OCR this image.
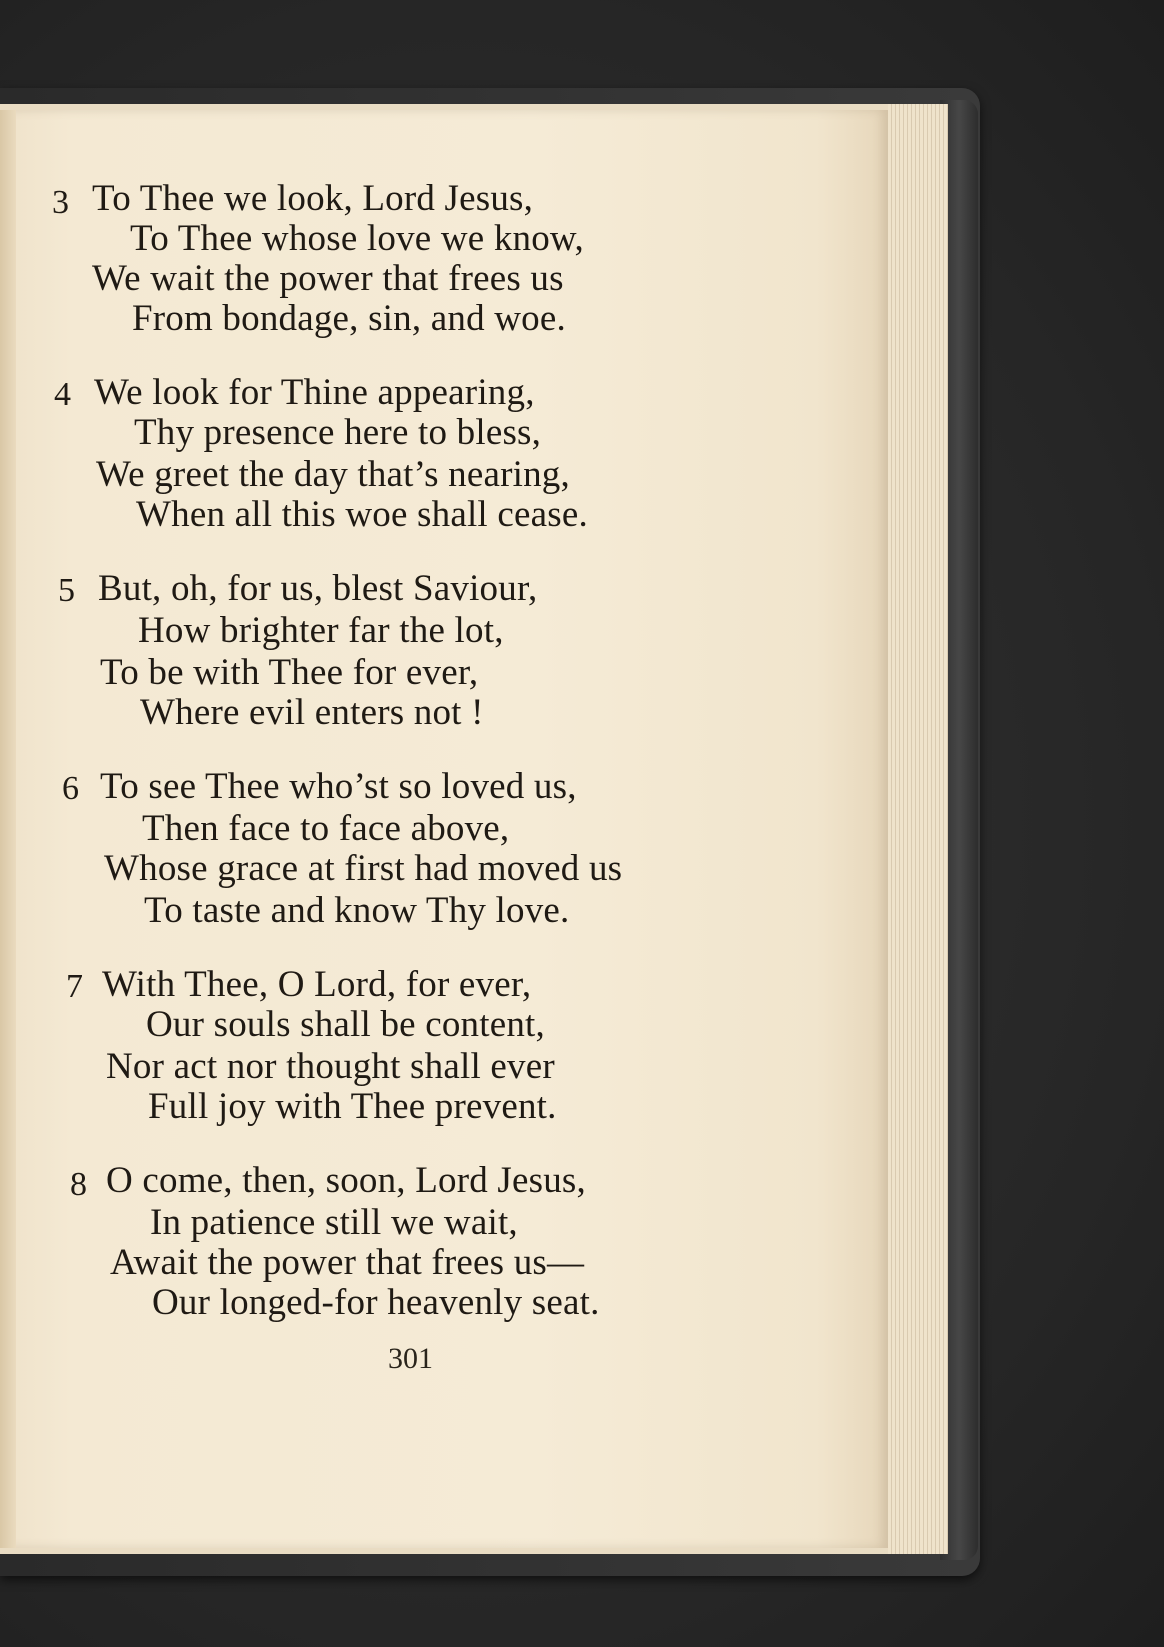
3 To Thee we look, Lord Jesus,
To Thee whose love we know,
We wait the power that frees us
From bondage, sin, and woe.
4 We look for Thine appearing,
Thy presence here to bless,
We greet the day that’s nearing,
When all this woe shall cease.
5 But, oh, for us, blest Saviour,
How brighter far the lot,
To be with Thee for ever,
Where evil enters not !
6 To see Thee who’st so loved us,
Then face to face above,
Whose grace at first had moved us
To taste and know Thy love.
7 With Thee, O Lord, for ever,
Our souls shall be content,
Nor act nor thought shall ever
Full joy with Thee prevent.
8 O come, then, soon, Lord Jesus,
In patience still we wait,
Await the power that frees us—
Our longed-for heavenly seat.
301
